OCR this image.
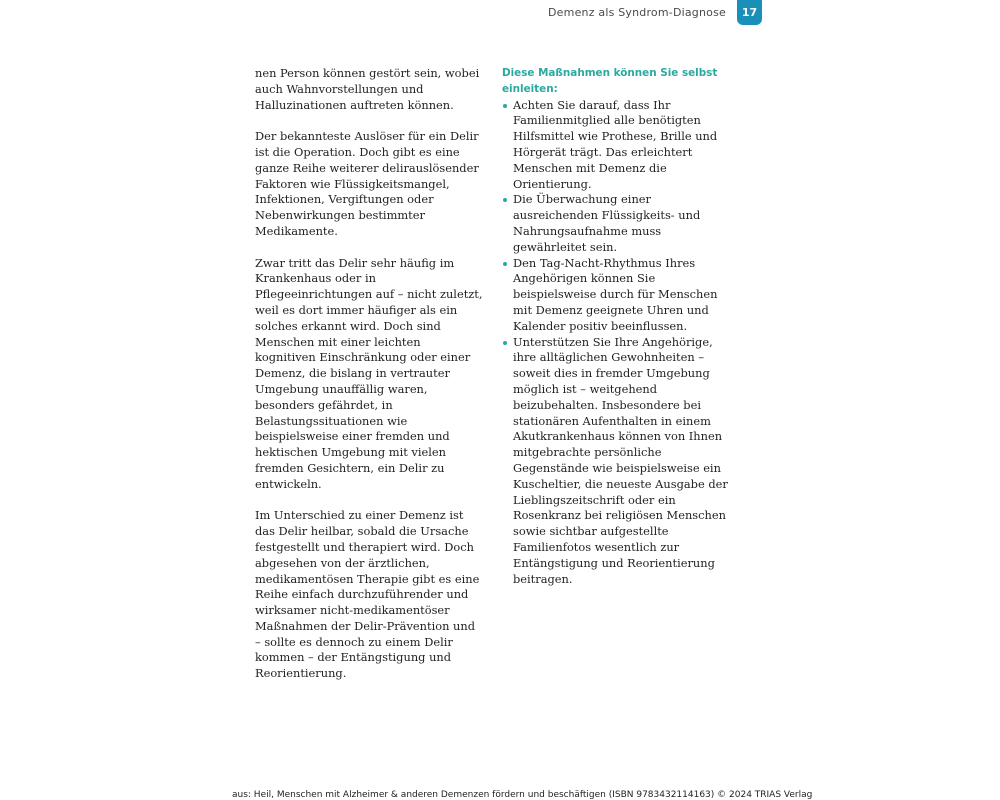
Demenz als Syndrom-Diagnose	17

nen Person können gestört sein, wobei auch Wahnvorstellungen und Halluzinationen auftreten können.

Der bekannteste Auslöser für ein Delir ist die Operation. Doch gibt es eine ganze Reihe weiterer delirauslösender Faktoren wie Flüssigkeitsmangel, Infektionen, Vergiftungen oder Nebenwirkungen bestimmter Medikamente.

Zwar tritt das Delir sehr häufig im Krankenhaus oder in Pflegeeinrichtungen auf – nicht zuletzt, weil es dort immer häufiger als ein solches erkannt wird. Doch sind Menschen mit einer leichten kognitiven Einschränkung oder einer Demenz, die bislang in vertrauter Umgebung unauffällig waren, besonders gefährdet, in Belastungssituationen wie beispielsweise einer fremden und hektischen Umgebung mit vielen fremden Gesichtern, ein Delir zu entwickeln.

Im Unterschied zu einer Demenz ist das Delir heilbar, sobald die Ursache festgestellt und therapiert wird. Doch abgesehen von der ärztlichen, medikamentösen Therapie gibt es eine Reihe einfach durchzuführender und wirksamer nicht-medikamentöser Maßnahmen der Delir-Prävention und – sollte es dennoch zu einem Delir kommen – der Entängstigung und Reorientierung.

Diese Maßnahmen können Sie selbst einleiten:
Achten Sie darauf, dass Ihr Familienmitglied alle benötigten Hilfsmittel wie Prothese, Brille und Hörgerät trägt. Das erleichtert Menschen mit Demenz die Orientierung.
Die Überwachung einer ausreichenden Flüssigkeits- und Nahrungsaufnahme muss gewährleitet sein.
Den Tag-Nacht-Rhythmus Ihres Angehörigen können Sie beispielsweise durch für Menschen mit Demenz geeignete Uhren und Kalender positiv beeinflussen.
Unterstützen Sie Ihre Angehörige, ihre alltäglichen Gewohnheiten – soweit dies in fremder Umgebung möglich ist – weitgehend beizubehalten. Insbesondere bei stationären Aufenthalten in einem Akutkrankenhaus können von Ihnen mitgebrachte persönliche Gegenstände wie beispielsweise ein Kuscheltier, die neueste Ausgabe der Lieblingszeitschrift oder ein Rosenkranz bei religiösen Menschen sowie sichtbar aufgestellte Familienfotos wesentlich zur Entängstigung und Reorientierung beitragen.
aus: Heil, Menschen mit Alzheimer & anderen Demenzen fördern und beschäftigen (ISBN 9783432114163) © 2024 TRIAS Verlag
